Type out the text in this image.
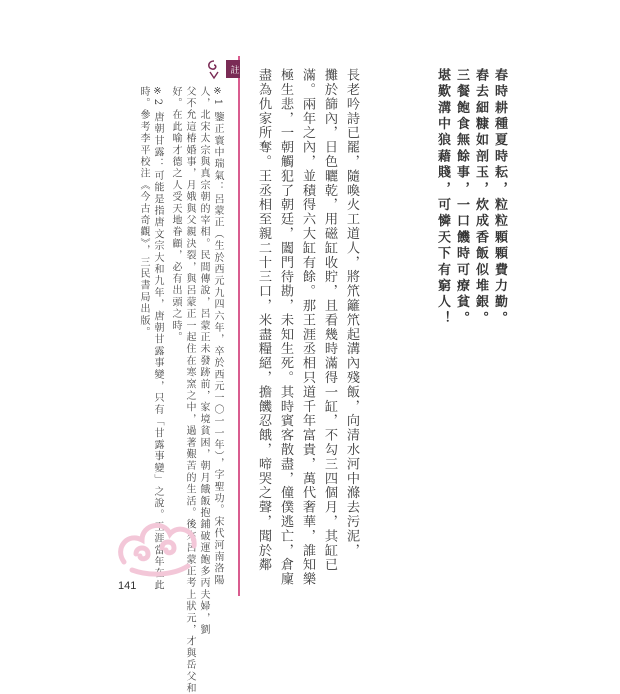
春時耕種夏時耘，粒粒顆顆費力勤。
舂去細糠如剖玉，炊成香飯似堆銀。
三餐飽食無餘事，一口饑時可療貧。
堪歎溝中狼藉賤，可憐天下有窮人！
長老吟詩已罷，隨喚火工道人，將笊籬笊起溝內殘飯，向清水河中滌去污泥，
攤於篩內，日色曬乾，用磁缸收貯，且看幾時滿得一缸，不勾三四個月，其缸已
滿。兩年之內，並積得六大缸有餘。那王涯丞相只道千年富貴，萬代奢華，誰知樂
極生悲，一朝觸犯了朝廷，闔門待勘，未知生死。其時賓客散盡，僮僕逃亡，倉廩
盡為仇家所奪。王丞相至親二十三口，米盡糧絕，擔饑忍餓，啼哭之聲，聞於鄰
註
※1 鑒正寰中瑞氣：呂蒙正（生於西元九四六年，卒於西元一〇一一年），字聖功。宋代河南洛陽
人，北宋太宗與真宗朝的宰相。民間傳說，呂蒙正未發跡前，家境貧困，朝月餓飯抱鋪破運飽多丙夫婦，劉
父不允這椿婚事，月娥與父親決裂，與呂蒙正一起住在寒窯之中，過著艱苦的生活。後來呂蒙正考上狀元，才與岳父和
好。在此喻才德之人受天地眷顧，必有出頭之時。
※2 唐朝甘露：可能是指唐文宗大和九年，唐朝甘露事變，只有「甘露事變」之說。王涯當年在此
時。參考李平校注《今古奇觀》，三民書局出版。
141
